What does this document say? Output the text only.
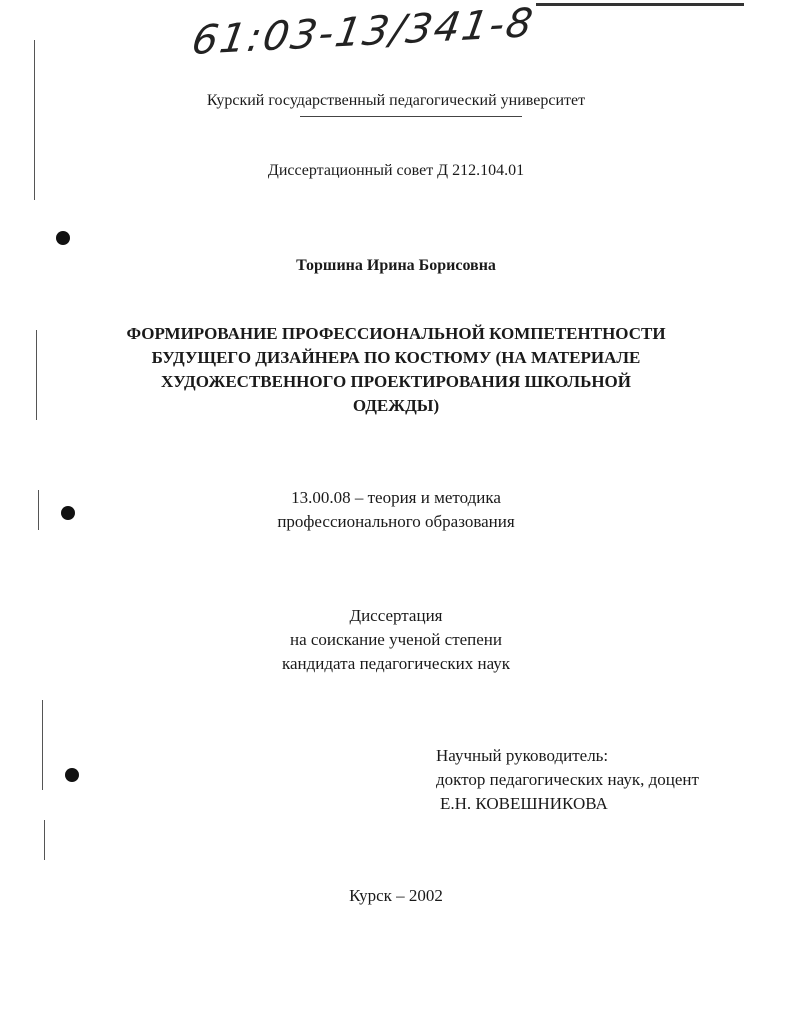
61:03-13/341-8
Курский государственный педагогический университет
Диссертационный совет Д 212.104.01
Торшина Ирина Борисовна
ФОРМИРОВАНИЕ ПРОФЕССИОНАЛЬНОЙ КОМПЕТЕНТНОСТИ
БУДУЩЕГО ДИЗАЙНЕРА ПО КОСТЮМУ (НА МАТЕРИАЛЕ
ХУДОЖЕСТВЕННОГО ПРОЕКТИРОВАНИЯ ШКОЛЬНОЙ
ОДЕЖДЫ)
13.00.08 – теория и методика
профессионального образования
Диссертация
на соискание ученой степени
кандидата педагогических наук
Научный руководитель:
доктор педагогических наук, доцент
Е.Н. КОВЕШНИКОВА
Курск – 2002
